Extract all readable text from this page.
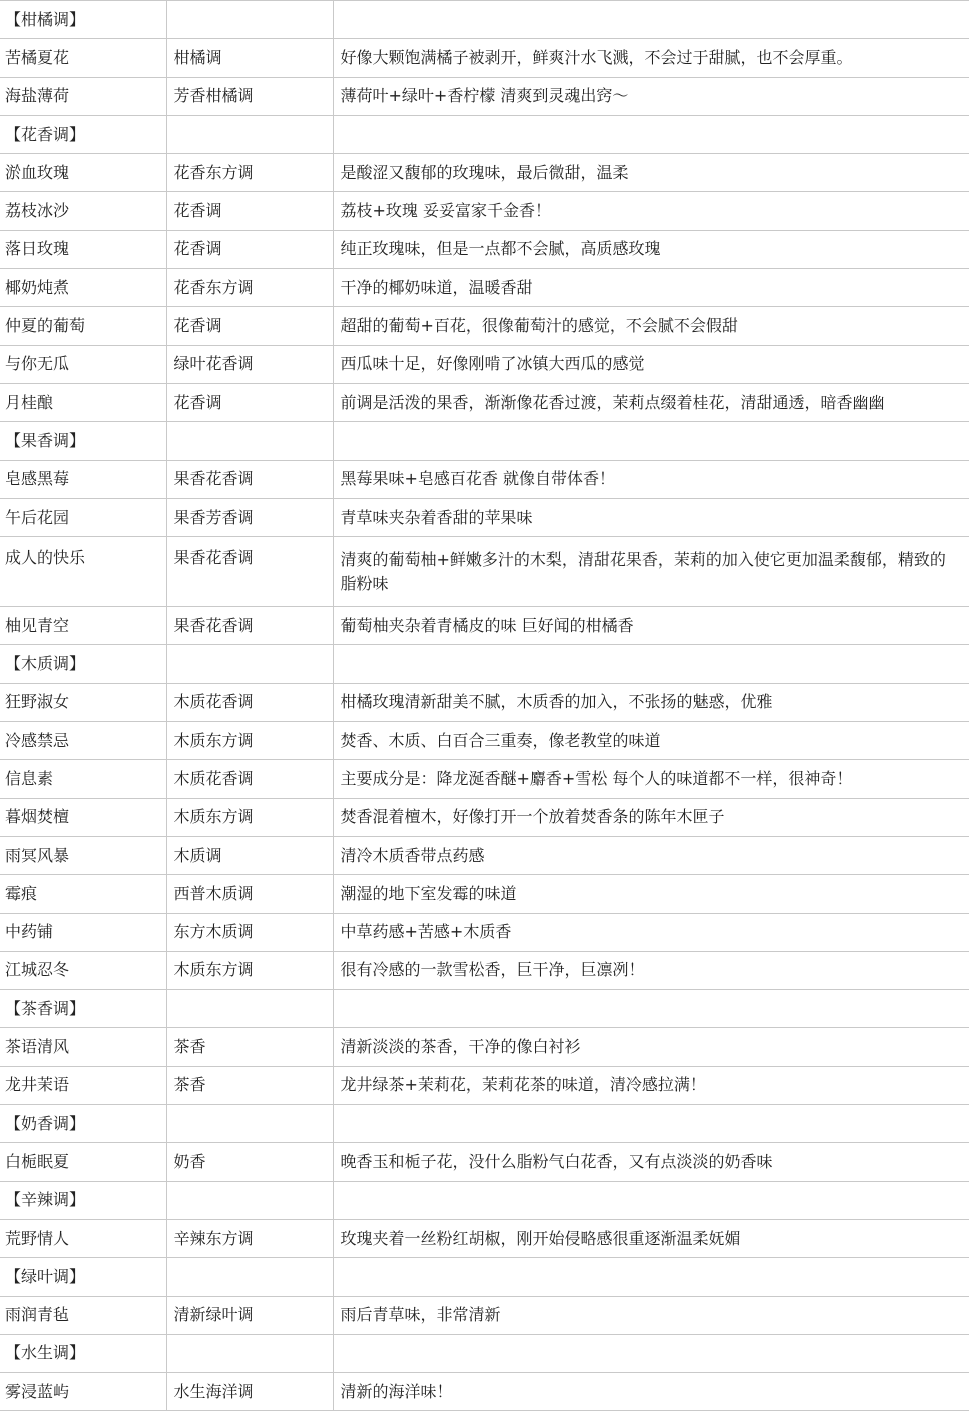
【柑橘调】		
苦橘夏花	柑橘调	好像大颗饱满橘子被剥开，鲜爽汁水飞溅，不会过于甜腻，也不会厚重。
海盐薄荷	芳香柑橘调	薄荷叶+绿叶+香柠檬 清爽到灵魂出窍～
【花香调】		
淤血玫瑰	花香东方调	是酸涩又馥郁的玫瑰味，最后微甜，温柔
荔枝冰沙	花香调	荔枝+玫瑰 妥妥富家千金香！
落日玫瑰	花香调	纯正玫瑰味，但是一点都不会腻，高质感玫瑰
椰奶炖煮	花香东方调	干净的椰奶味道，温暖香甜
仲夏的葡萄	花香调	超甜的葡萄+百花，很像葡萄汁的感觉，不会腻不会假甜
与你无瓜	绿叶花香调	西瓜味十足，好像刚啃了冰镇大西瓜的感觉
月桂酿	花香调	前调是活泼的果香，渐渐像花香过渡，茉莉点缀着桂花，清甜通透，暗香幽幽
【果香调】		
皂感黑莓	果香花香调	黑莓果味+皂感百花香 就像自带体香！
午后花园	果香芳香调	青草味夹杂着香甜的苹果味
成人的快乐	果香花香调	清爽的葡萄柚+鲜嫩多汁的木梨，清甜花果香，茉莉的加入使它更加温柔馥郁，精致的脂粉味
柚见青空	果香花香调	葡萄柚夹杂着青橘皮的味 巨好闻的柑橘香
【木质调】		
狂野淑女	木质花香调	柑橘玫瑰清新甜美不腻，木质香的加入，不张扬的魅惑，优雅
冷感禁忌	木质东方调	焚香、木质、白百合三重奏，像老教堂的味道
信息素	木质花香调	主要成分是：降龙涎香醚+麝香+雪松 每个人的味道都不一样，很神奇！
暮烟焚檀	木质东方调	焚香混着檀木，好像打开一个放着焚香条的陈年木匣子
雨冥风暴	木质调	清冷木质香带点药感
霉痕	西普木质调	潮湿的地下室发霉的味道
中药铺	东方木质调	中草药感+苦感+木质香
江城忍冬	木质东方调	很有冷感的一款雪松香，巨干净，巨凛冽！
【茶香调】		
茶语清风	茶香	清新淡淡的茶香，干净的像白衬衫
龙井茉语	茶香	龙井绿茶+茉莉花，茉莉花茶的味道，清冷感拉满！
【奶香调】		
白栀眠夏	奶香	晚香玉和栀子花，没什么脂粉气白花香，又有点淡淡的奶香味
【辛辣调】		
荒野情人	辛辣东方调	玫瑰夹着一丝粉红胡椒，刚开始侵略感很重逐渐温柔妩媚
【绿叶调】		
雨润青毡	清新绿叶调	雨后青草味，非常清新
【水生调】		
雾浸蓝屿	水生海洋调	清新的海洋味！
